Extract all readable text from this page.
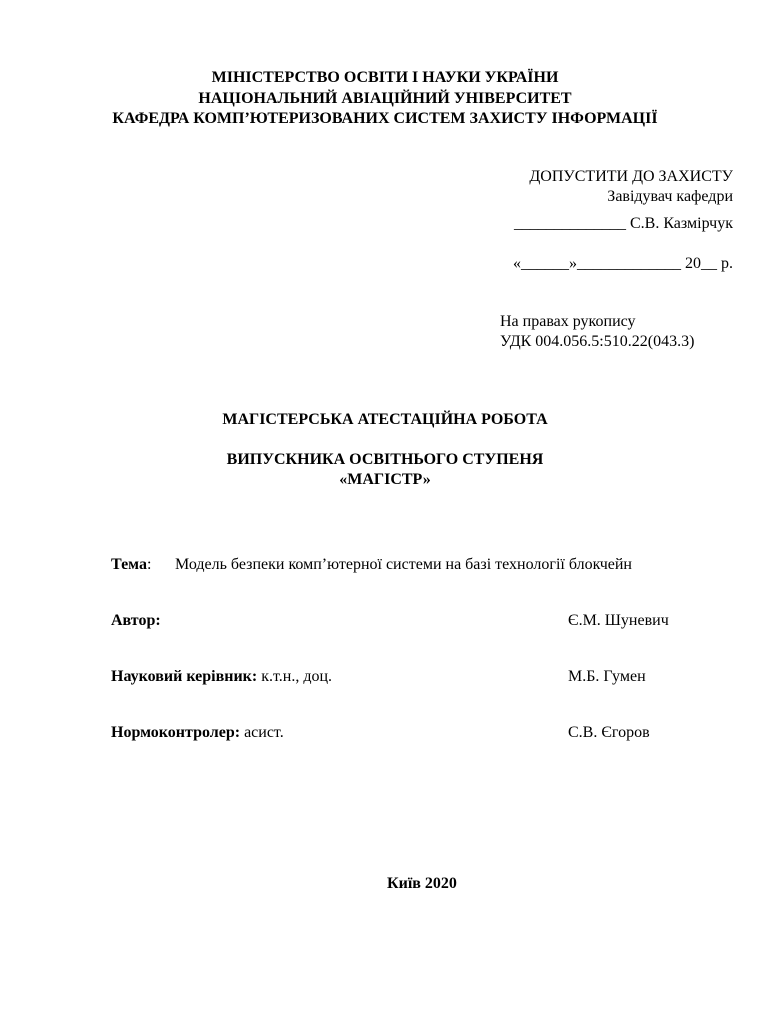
МІНІСТЕРСТВО ОСВІТИ І НАУКИ УКРАЇНИ
НАЦІОНАЛЬНИЙ АВІАЦІЙНИЙ УНІВЕРСИТЕТ
КАФЕДРА КОМП’ЮТЕРИЗОВАНИХ СИСТЕМ ЗАХИСТУ ІНФОРМАЦІЇ
ДОПУСТИТИ ДО ЗАХИСТУ
Завідувач кафедри
______________ С.В. Казмірчук
«______»_____________ 20__ р.
На правах рукопису
УДК 004.056.5:510.22(043.3)
МАГІСТЕРСЬКА АТЕСТАЦІЙНА РОБОТА
ВИПУСКНИКА ОСВІТНЬОГО СТУПЕНЯ
«МАГІСТР»
Тема: Модель безпеки комп’ютерної системи на базі технології блокчейн
Автор:	Є.М. Шуневич
Науковий керівник: к.т.н., доц.	М.Б. Гумен
Нормоконтролер: асист.	С.В. Єгоров
Київ 2020
